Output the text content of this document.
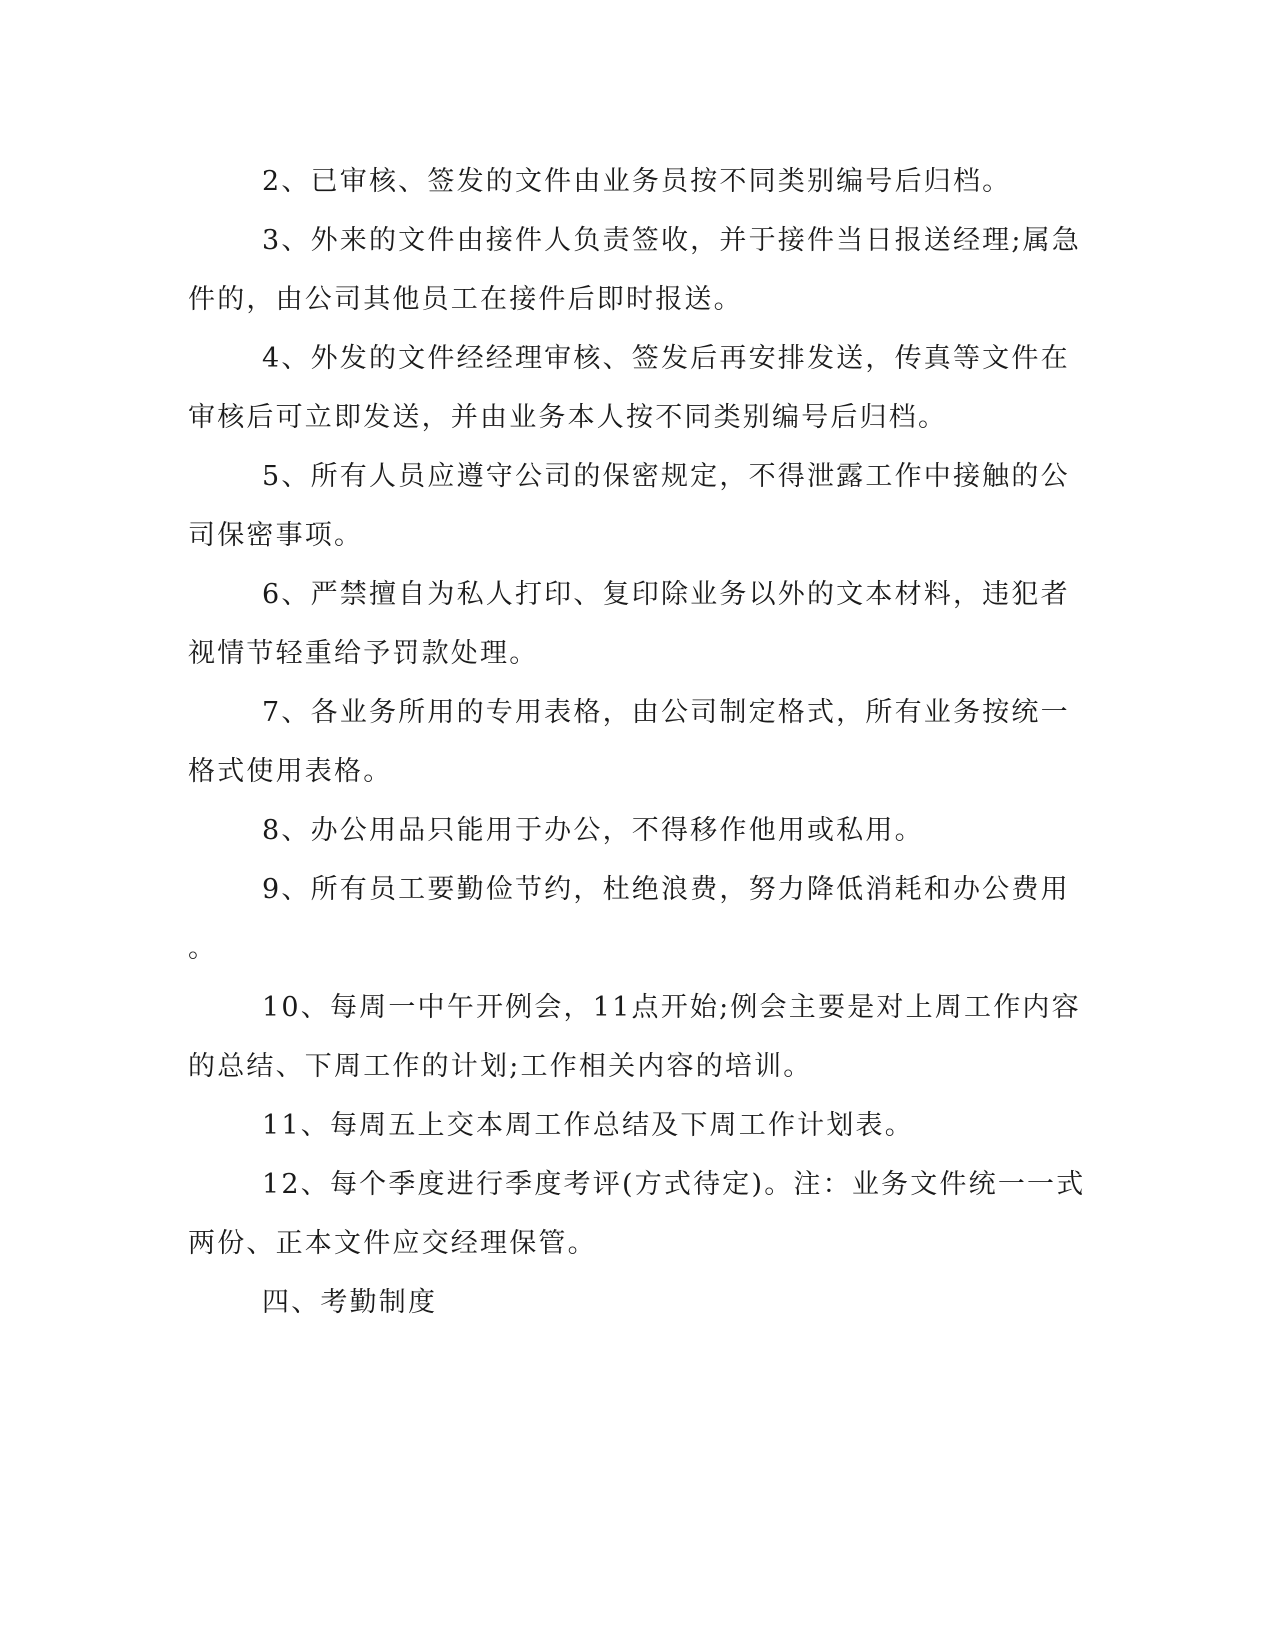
2、已审核、签发的文件由业务员按不同类别编号后归档。
3、外来的文件由接件人负责签收，并于接件当日报送经理;属急
件的，由公司其他员工在接件后即时报送。
4、外发的文件经经理审核、签发后再安排发送，传真等文件在
审核后可立即发送，并由业务本人按不同类别编号后归档。
5、所有人员应遵守公司的保密规定，不得泄露工作中接触的公
司保密事项。
6、严禁擅自为私人打印、复印除业务以外的文本材料，违犯者
视情节轻重给予罚款处理。
7、各业务所用的专用表格，由公司制定格式，所有业务按统一
格式使用表格。
8、办公用品只能用于办公，不得移作他用或私用。
9、所有员工要勤俭节约，杜绝浪费，努力降低消耗和办公费用
。
10、每周一中午开例会，11点开始;例会主要是对上周工作内容
的总结、下周工作的计划;工作相关内容的培训。
11、每周五上交本周工作总结及下周工作计划表。
12、每个季度进行季度考评(方式待定)。注：业务文件统一一式
两份、正本文件应交经理保管。
四、考勤制度
